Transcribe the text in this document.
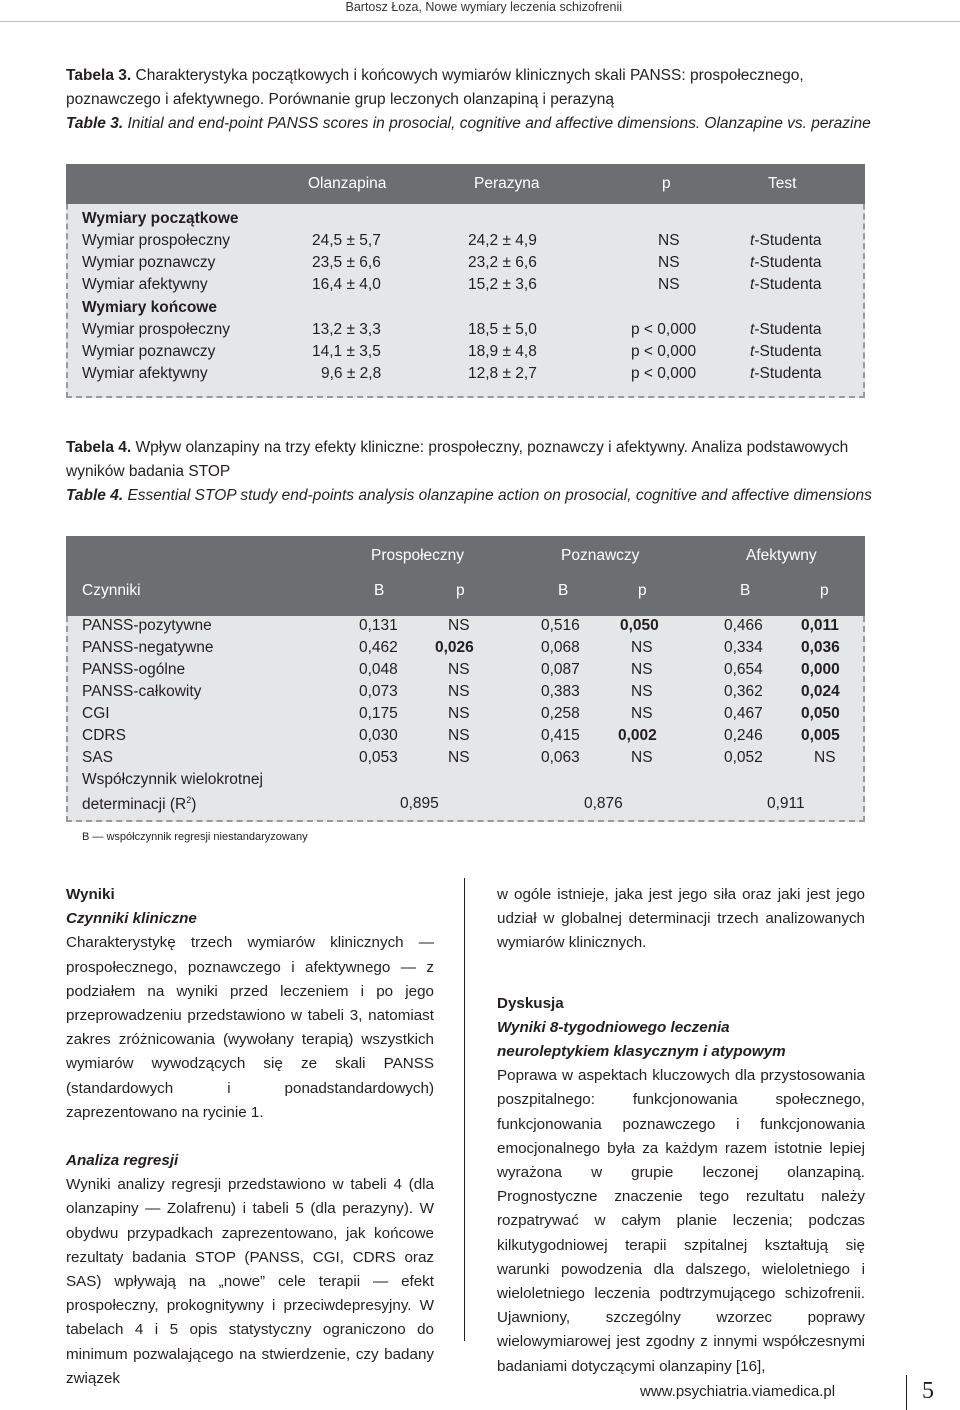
Bartosz Łoza, Nowe wymiary leczenia schizofrenii
Tabela 3. Charakterystyka początkowych i końcowych wymiarów klinicznych skali PANSS: prospołecznego, poznawczego i afektywnego. Porównanie grup leczonych olanzapiną i perazyną
Table 3. Initial and end-point PANSS scores in prosocial, cognitive and affective dimensions. Olanzapine vs. perazine
Olanzapina	Perazyna	p	Test
Wymiary początkowe
Wymiar prospołeczny	24,5 ± 5,7	24,2 ± 4,9	NS	t-Studenta
Wymiar poznawczy	23,5 ± 6,6	23,2 ± 6,6	NS	t-Studenta
Wymiar afektywny	16,4 ± 4,0	15,2 ± 3,6	NS	t-Studenta
Wymiary końcowe
Wymiar prospołeczny	13,2 ± 3,3	18,5 ± 5,0	p < 0,000	t-Studenta
Wymiar poznawczy	14,1 ± 3,5	18,9 ± 4,8	p < 0,000	t-Studenta
Wymiar afektywny	9,6 ± 2,8	12,8 ± 2,7	p < 0,000	t-Studenta
Tabela 4. Wpływ olanzapiny na trzy efekty kliniczne: prospołeczny, poznawczy i afektywny. Analiza podstawowych wyników badania STOP
Table 4. Essential STOP study end-points analysis olanzapine action on prosocial, cognitive and affective dimensions
Prospołeczny	Poznawczy	Afektywny
Czynniki	B	p	B	p	B	p
PANSS-pozytywne	0,131	NS	0,516	0,050	0,466 0,011
PANSS-negatywne	0,462 0,026	0,068	NS	0,334 0,036
PANSS-ogólne	0,048	NS	0,087	NS	0,654 0,000
PANSS-całkowity	0,073	NS	0,383	NS	0,362 0,024
CGI	0,175	NS	0,258	NS	0,467 0,050
CDRS	0,030	NS	0,415 0,002	0,246 0,005
SAS	0,053	NS	0,063	NS	0,052	NS
Współczynnik wielokrotnej
determinacji $(R^2)$	0,895	0,876	0,911
B — współczynnik regresji niestandaryzowany

Wyniki

Czynniki kliniczne

Charakterystykę trzech wymiarów klinicznych — prospołecznego, poznawczego i afektywnego — z podziałem na wyniki przed leczeniem i po jego przeprowadzeniu przedstawiono w tabeli 3, natomiast zakres zróżnicowania (wywołany terapią) wszystkich wymiarów wywodzących się ze skali PANSS (standardowych i ponadstandardowych) zaprezentowano na rycinie 1.

Analiza regresji

Wyniki analizy regresji przedstawiono w tabeli 4 (dla olanzapiny — Zolafrenu) i tabeli 5 (dla perazyny). W obydwu przypadkach zaprezentowano, jak końcowe rezultaty badania STOP (PANSS, CGI, CDRS oraz SAS) wpływają na „nowe” cele terapii — efekt prospołeczny, prokognitywny i przeciwdepresyjny. W tabelach 4 i 5 opis statystyczny ograniczono do minimum pozwalającego na stwierdzenie, czy badany związek

w ogóle istnieje, jaka jest jego siła oraz jaki jest jego udział w globalnej determinacji trzech analizowanych wymiarów klinicznych.

Dyskusja

Wyniki 8-tygodniowego leczenia

neuroleptykiem klasycznym i atypowym

Poprawa w aspektach kluczowych dla przystosowania poszpitalnego: funkcjonowania społecznego, funkcjonowania poznawczego i funkcjonowania emocjonalnego była za każdym razem istotnie lepiej wyrażona w grupie leczonej olanzapiną. Prognostyczne znaczenie tego rezultatu należy rozpatrywać w całym planie leczenia; podczas kilkutygodniowej terapii szpitalnej kształtują się warunki powodzenia dla dalszego, wieloletniego i wieloletniego leczenia podtrzymującego schizofrenii. Ujawniony, szczególny wzorzec poprawy wielowymiarowej jest zgodny z innymi współczesnymi badaniami dotyczącymi olanzapiny [16],

www.psychiatria.viamedica.pl	5
